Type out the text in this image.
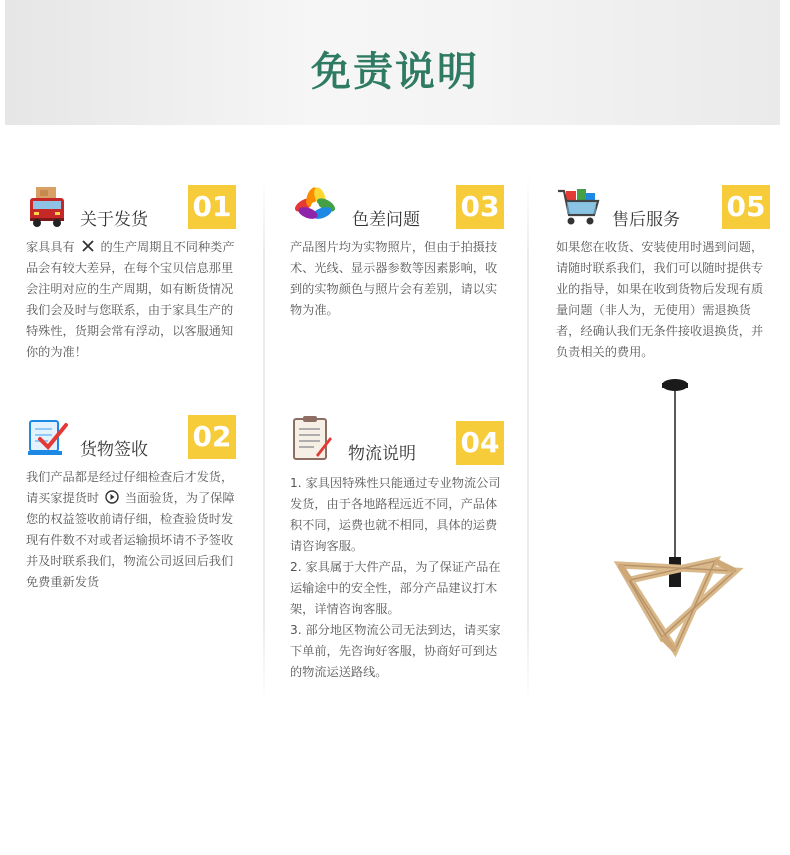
免责说明
关于发货 01
家具具有 的生产周期且不同种类产品会有较大差异，在每个宝贝信息那里会注明对应的生产周期，如有断货情况我们会及时与您联系，由于家具生产的特殊性，货期会常有浮动，以客服通知你的为准！
色差问题 03
产品图片均为实物照片，但由于拍摄技术、光线、显示器参数等因素影响，收到的实物颜色与照片会有差别，请以实物为准。
售后服务 05
如果您在收货、安装使用时遇到问题，请随时联系我们，我们可以随时提供专业的指导，如果在收到货物后发现有质量问题（非人为，无使用）需退换货者，经确认我们无条件接收退换货，并负责相关的费用。
货物签收 02
我们产品都是经过仔细检查后才发货，请买家提货时 当面验货，为了保障您的权益签收前请仔细，检查验货时发现有件数不对或者运输损坏请不予签收并及时联系我们，物流公司返回后我们免费重新发货
物流说明 04

1. 家具因特殊性只能通过专业物流公司发货，由于各地路程远近不同，产品体积不同，运费也就不相同，具体的运费请咨询客服。

2. 家具属于大件产品，为了保证产品在运输途中的安全性，部分产品建议打木架，详情咨询客服。

3. 部分地区物流公司无法到达，请买家下单前，先咨询好客服，协商好可到达的物流运送路线。
